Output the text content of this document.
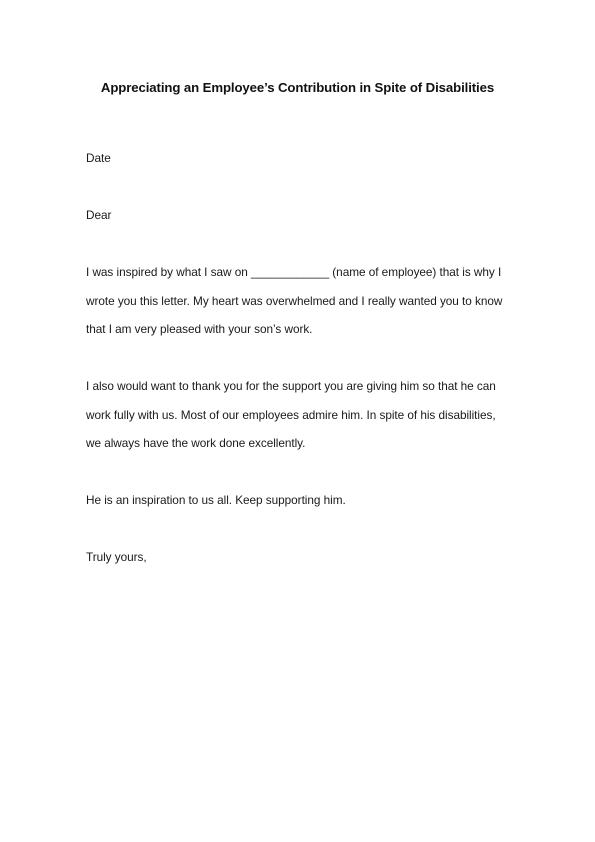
Appreciating an Employee’s Contribution in Spite of Disabilities
Date
Dear
I was inspired by what I saw on ____________ (name of employee) that is why I
wrote you this letter. My heart was overwhelmed and I really wanted you to know
that I am very pleased with your son’s work.
I also would want to thank you for the support you are giving him so that he can
work fully with us. Most of our employees admire him. In spite of his disabilities,
we always have the work done excellently.
He is an inspiration to us all. Keep supporting him.
Truly yours,
